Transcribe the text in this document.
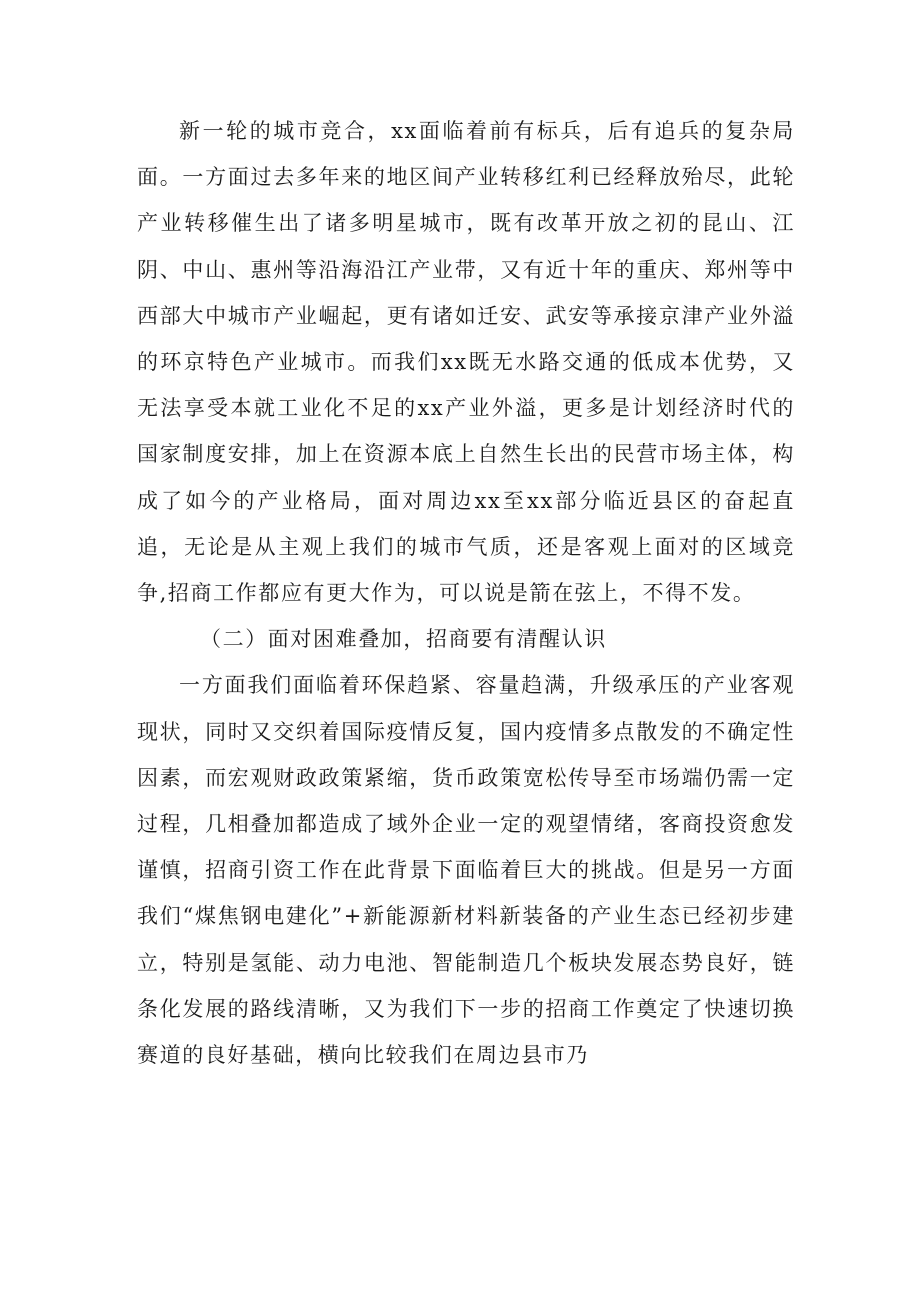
新一轮的城市竞合，xx面临着前有标兵，后有追兵的复杂局面。一方面过去多年来的地区间产业转移红利已经释放殆尽，此轮产业转移催生出了诸多明星城市，既有改革开放之初的昆山、江阴、中山、惠州等沿海沿江产业带，又有近十年的重庆、郑州等中西部大中城市产业崛起，更有诸如迁安、武安等承接京津产业外溢的环京特色产业城市。而我们xx既无水路交通的低成本优势，又无法享受本就工业化不足的xx产业外溢，更多是计划经济时代的国家制度安排，加上在资源本底上自然生长出的民营市场主体，构成了如今的产业格局，面对周边xx至xx部分临近县区的奋起直追，无论是从主观上我们的城市气质，还是客观上面对的区域竞争,招商工作都应有更大作为，可以说是箭在弦上，不得不发。

（二）面对困难叠加，招商要有清醒认识

一方面我们面临着环保趋紧、容量趋满，升级承压的产业客观现状，同时又交织着国际疫情反复，国内疫情多点散发的不确定性因素，而宏观财政政策紧缩，货币政策宽松传导至市场端仍需一定过程，几相叠加都造成了域外企业一定的观望情绪，客商投资愈发谨慎，招商引资工作在此背景下面临着巨大的挑战。但是另一方面我们“煤焦钢电建化”+新能源新材料新装备的产业生态已经初步建立，特别是氢能、动力电池、智能制造几个板块发展态势良好，链条化发展的路线清晰，又为我们下一步的招商工作奠定了快速切换赛道的良好基础，横向比较我们在周边县市乃
